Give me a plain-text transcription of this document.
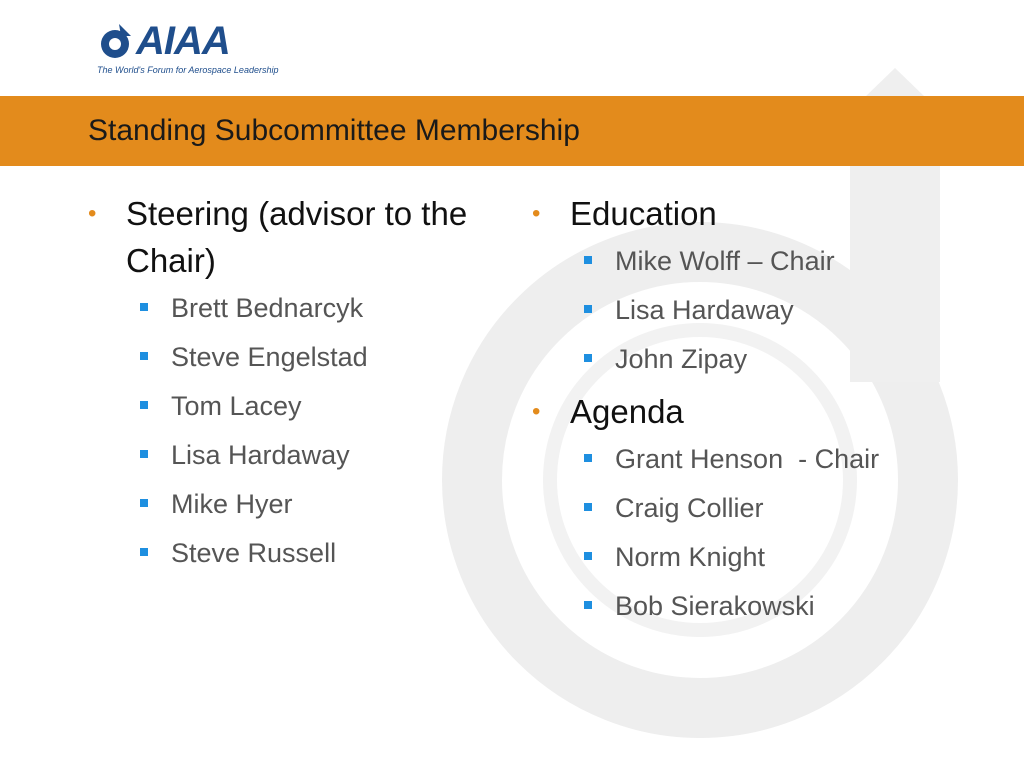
AIAA
The World's Forum for Aerospace Leadership
Standing Subcommittee Membership
• Steering (advisor to the Chair)
Brett Bednarcyk
Steve Engelstad
Tom Lacey
Lisa Hardaway
Mike Hyer
Steve Russell
• Education
Mike Wolff – Chair
Lisa Hardaway
John Zipay
• Agenda
Grant Henson  - Chair
Craig Collier
Norm Knight
Bob Sierakowski
